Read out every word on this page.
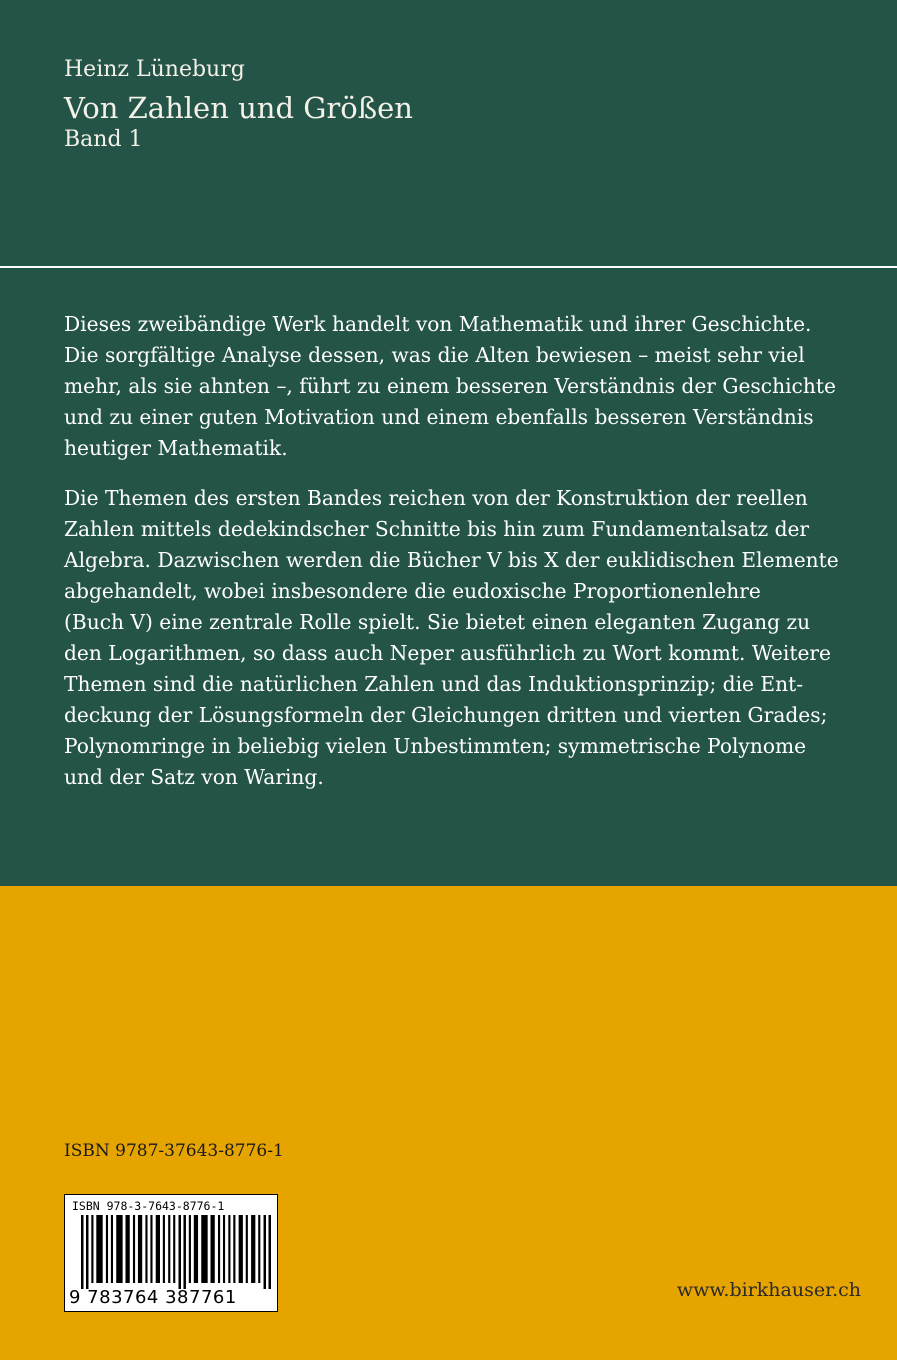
Heinz Lüneburg
Von Zahlen und Größen
Band 1

Dieses zweibändige Werk handelt von Mathematik und ihrer Geschichte.
Die sorgfältige Analyse dessen, was die Alten bewiesen – meist sehr viel
mehr, als sie ahnten –, führt zu einem besseren Verständnis der Geschichte
und zu einer guten Motivation und einem ebenfalls besseren Verständnis
heutiger Mathematik.

Die Themen des ersten Bandes reichen von der Konstruktion der reellen
Zahlen mittels dedekindscher Schnitte bis hin zum Fundamentalsatz der
Algebra. Dazwischen werden die Bücher V bis X der euklidischen Elemente
abgehandelt, wobei insbesondere die eudoxische Proportionenlehre
(Buch V) eine zentrale Rolle spielt. Sie bietet einen eleganten Zugang zu
den Logarithmen, so dass auch Neper ausführlich zu Wort kommt. Weitere
Themen sind die natürlichen Zahlen und das Induktionsprinzip; die Ent-
deckung der Lösungsformeln der Gleichungen dritten und vierten Grades;
Polynomringe in beliebig vielen Unbestimmten; symmetrische Polynome
und der Satz von Waring.

ISBN 9787-37643-8776-1
ISBN 978-3-7643-8776-1
9 783764 387761	www.birkhauser.ch
